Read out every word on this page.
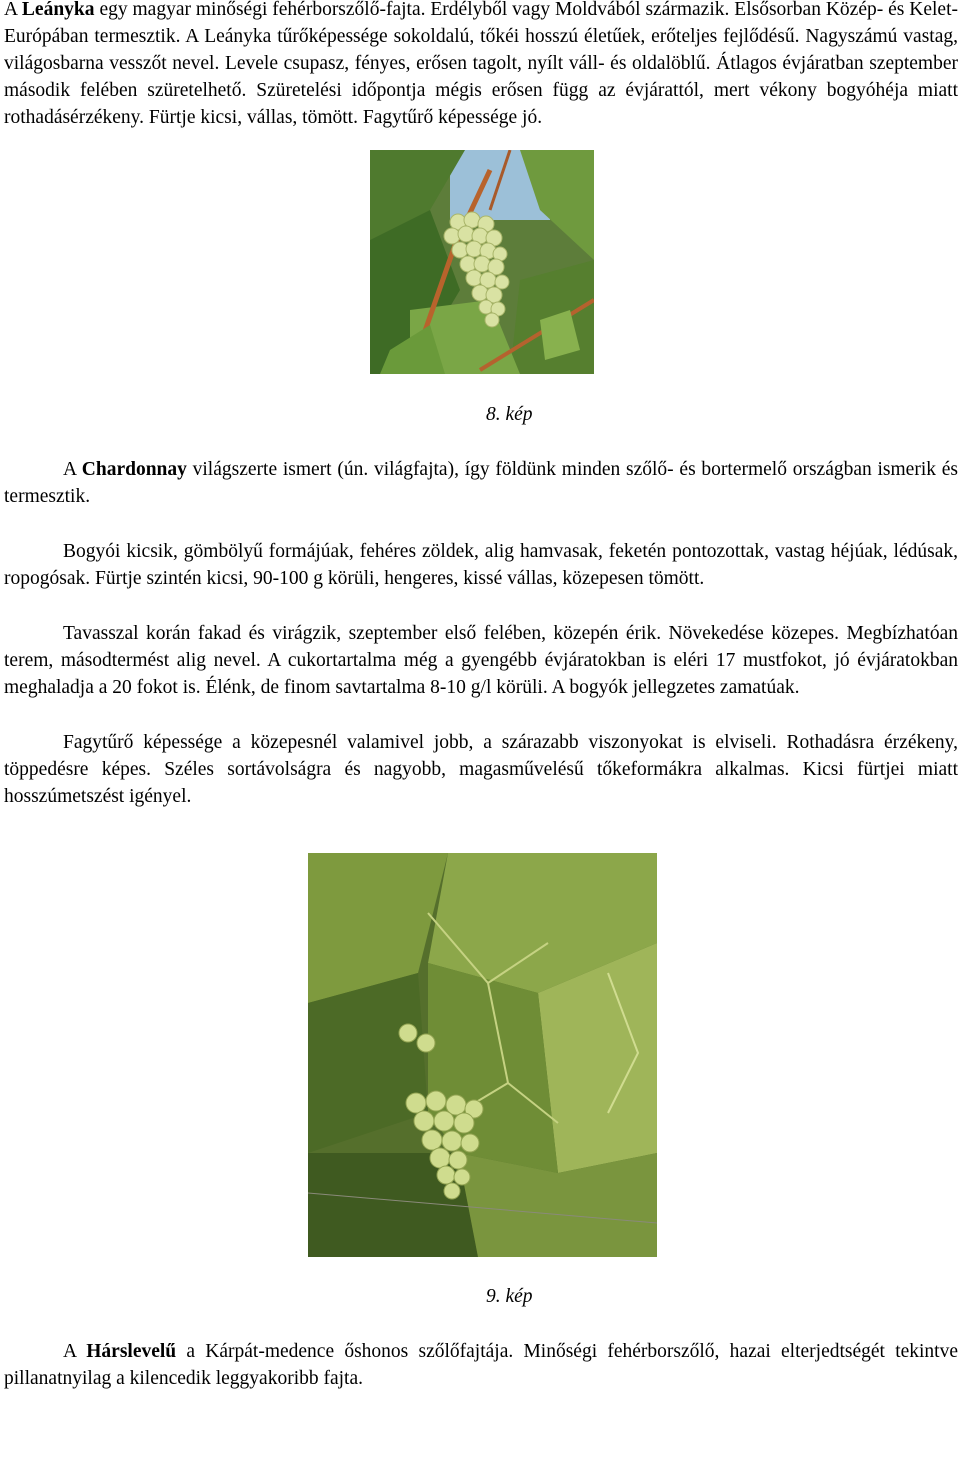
A Leányka egy magyar minőségi fehérborszőlő-fajta. Erdélyből vagy Moldvából származik. Elsősorban Közép- és Kelet-Európában termesztik. A Leányka tűrőképessége sokoldalú, tőkéi hosszú életűek, erőteljes fejlődésű. Nagyszámú vastag, világosbarna vesszőt nevel. Levele csupasz, fényes, erősen tagolt, nyílt váll- és oldalöblű. Átlagos évjáratban szeptember második felében szüretelhető. Szüretelési időpontja mégis erősen függ az évjárattól, mert vékony bogyóhéja miatt rothadásérzékeny. Fürtje kicsi, vállas, tömött. Fagytűrő képessége jó.

8. kép

A Chardonnay világszerte ismert (ún. világfajta), így földünk minden szőlő- és bortermelő országban ismerik és termesztik.

Bogyói kicsik, gömbölyű formájúak, fehéres zöldek, alig hamvasak, feketén pontozottak, vastag héjúak, lédúsak, ropogósak. Fürtje szintén kicsi, 90-100 g körüli, hengeres, kissé vállas, közepesen tömött.

Tavasszal korán fakad és virágzik, szeptember első felében, közepén érik. Növekedése közepes. Megbízhatóan terem, másodtermést alig nevel. A cukortartalma még a gyengébb évjáratokban is eléri 17 mustfokot, jó évjáratokban meghaladja a 20 fokot is. Élénk, de finom savtartalma 8-10 g/l körüli. A bogyók jellegzetes zamatúak.

Fagytűrő képessége a közepesnél valamivel jobb, a szárazabb viszonyokat is elviseli. Rothadásra érzékeny, töppedésre képes. Széles sortávolságra és nagyobb, magasművelésű tőkeformákra alkalmas. Kicsi fürtjei miatt hosszúmetszést igényel.

9. kép

A Hárslevelű a Kárpát-medence őshonos szőlőfajtája. Minőségi fehérborszőlő, hazai elterjedtségét tekintve pillanatnyilag a kilencedik leggyakoribb fajta.
